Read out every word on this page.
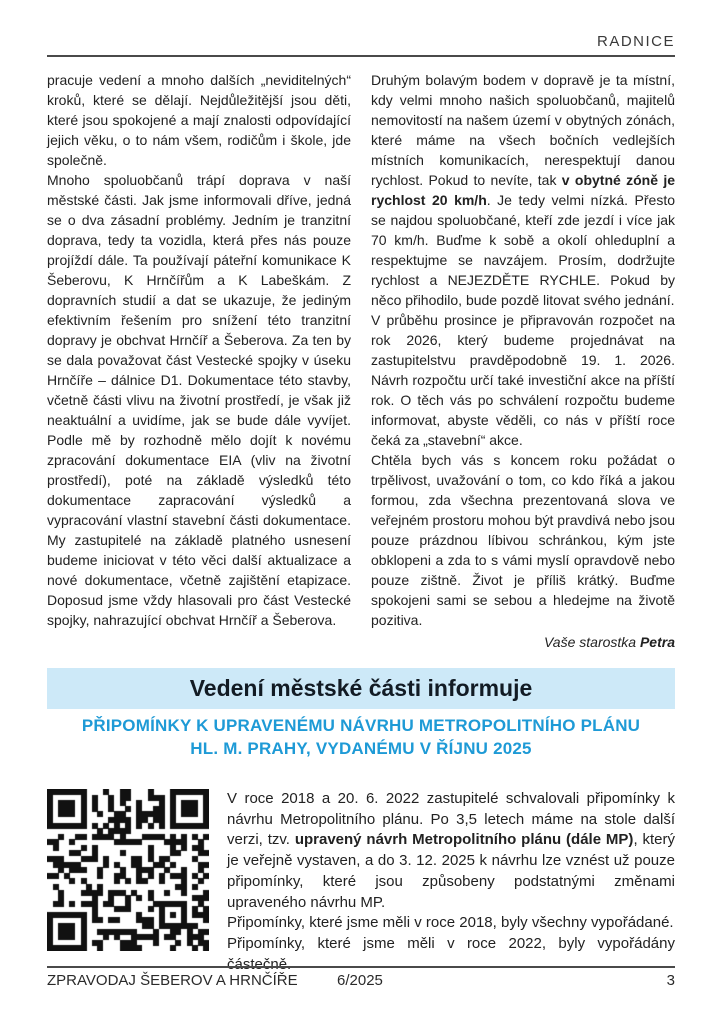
RADNICE

pracuje vedení a mnoho dalších „neviditelných“ kroků, které se dělají. Nejdůležitější jsou děti, které jsou spokojené a mají znalosti odpovídající jejich věku, o to nám všem, rodičům i škole, jde společně.

Mnoho spoluobčanů trápí doprava v naší městské části. Jak jsme informovali dříve, jedná se o dva zásadní problémy. Jedním je tranzitní doprava, tedy ta vozidla, která přes nás pouze projíždí dále. Ta používají páteřní komunikace K Šeberovu, K Hrnčířům a K Labeškám. Z dopravních studií a dat se ukazuje, že jediným efektivním řešením pro snížení této tranzitní dopravy je obchvat Hrnčíř a Šeberova. Za ten by se dala považovat část Vestecké spojky v úseku Hrnčíře – dálnice D1. Dokumentace této stavby, včetně části vlivu na životní prostředí, je však již neaktuální a uvidíme, jak se bude dále vyvíjet. Podle mě by rozhodně mělo dojít k novému zpracování dokumentace EIA (vliv na životní prostředí), poté na základě výsledků této dokumentace zapracování výsledků a vypracování vlastní stavební části dokumentace. My zastupitelé na základě platného usnesení budeme iniciovat v této věci další aktualizace a nové dokumentace, včetně zajištění etapizace. Doposud jsme vždy hlasovali pro část Vestecké spojky, nahrazující obchvat Hrnčíř a Šeberova.

Druhým bolavým bodem v dopravě je ta místní, kdy velmi mnoho našich spoluobčanů, majitelů nemovitostí na našem území v obytných zónách, které máme na všech bočních vedlejších místních komunikacích, nerespektují danou rychlost. Pokud to nevíte, tak v obytné zóně je rychlost 20 km/h. Je tedy velmi nízká. Přesto se najdou spoluobčané, kteří zde jezdí i více jak 70 km/h. Buďme k sobě a okolí ohleduplní a respektujme se navzájem. Prosím, dodržujte rychlost a NEJEZDĚTE RYCHLE. Pokud by něco přihodilo, bude pozdě litovat svého jednání.

V průběhu prosince je připravován rozpočet na rok 2026, který budeme projednávat na zastupitelstvu pravděpodobně 19. 1. 2026. Návrh rozpočtu určí také investiční akce na příští rok. O těch vás po schválení rozpočtu budeme informovat, abyste věděli, co nás v příští roce čeká za „stavební“ akce.

Chtěla bych vás s koncem roku požádat o trpělivost, uvažování o tom, co kdo říká a jakou formou, zda všechna prezentovaná slova ve veřejném prostoru mohou být pravdivá nebo jsou pouze prázdnou líbivou schránkou, kým jste obklopeni a zda to s vámi myslí opravdově nebo pouze zištně. Život je příliš krátký. Buďme spokojeni sami se sebou a hledejme na životě pozitiva.

Vaše starostka Petra

Vedení městské části informuje
PŘIPOMÍNKY K UPRAVENÉMU NÁVRHU METROPOLITNÍHO PLÁNU HL. M. PRAHY, VYDANÉMU V ŘÍJNU 2025

V roce 2018 a 20. 6. 2022 zastupitelé schvalovali připomínky k návrhu Metropolitního plánu. Po 3,5 letech máme na stole další verzi, tzv. upravený návrh Metropolitního plánu (dále MP), který je veřejně vystaven, a do 3. 12. 2025 k návrhu lze vznést už pouze připomínky, které jsou způsobeny podstatnými změnami upraveného návrhu MP.

Připomínky, které jsme měli v roce 2018, byly všechny vypořádané.

Připomínky, které jsme měli v roce 2022, byly vypořádány částečně.

ZPRAVODAJ ŠEBEROV A HRNČÍŘE	6/2025	3
